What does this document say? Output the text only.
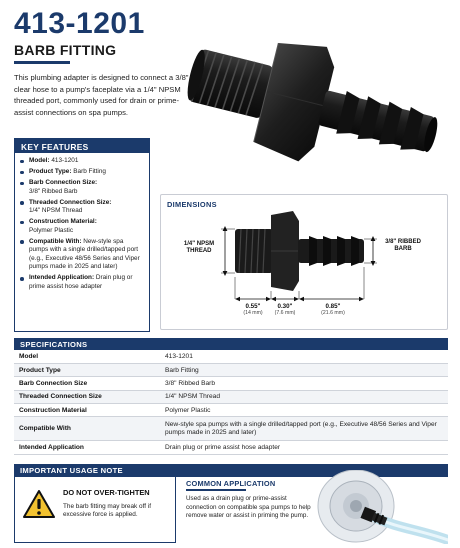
413-1201
BARB FITTING
This plumbing adapter is designed to connect a 3/8" clear hose to a pump's faceplate via a 1/4" NPSM threaded port, commonly used for drain or prime-assist connections on spa pumps.
KEY FEATURES
Model: 413-1201
Product Type: Barb Fitting
Barb Connection Size:
3/8" Ribbed Barb
Threaded Connection Size:
1/4" NPSM Thread
Construction Material:
Polymer Plastic
Compatible With: New-style spa pumps with a single drilled/tapped port (e.g., Executive 48/56 Series and Viper pumps made in 2025 and later)
Intended Application: Drain plug or prime assist hose adapter
DIMENSIONS
1/4" NPSM THREAD
3/8" RIBBED BARB
0.55"
(14 mm)
0.30"
(7.6 mm)
0.85"
(21.6 mm)
SPECIFICATIONS
Model	413-1201
Product Type	Barb Fitting
Barb Connection Size	3/8" Ribbed Barb
Threaded Connection Size	1/4" NPSM Thread
Construction Material	Polymer Plastic
Compatible With	New-style spa pumps with a single drilled/tapped port (e.g., Executive 48/56 Series and Viper pumps made in 2025 and later)
Intended Application	Drain plug or prime assist hose adapter
IMPORTANT USAGE NOTE
DO NOT OVER-TIGHTEN
The barb fitting may break off if excessive force is applied.
COMMON APPLICATION
Used as a drain plug or prime-assist connection on compatible spa pumps to help remove water or assist in priming the pump.
